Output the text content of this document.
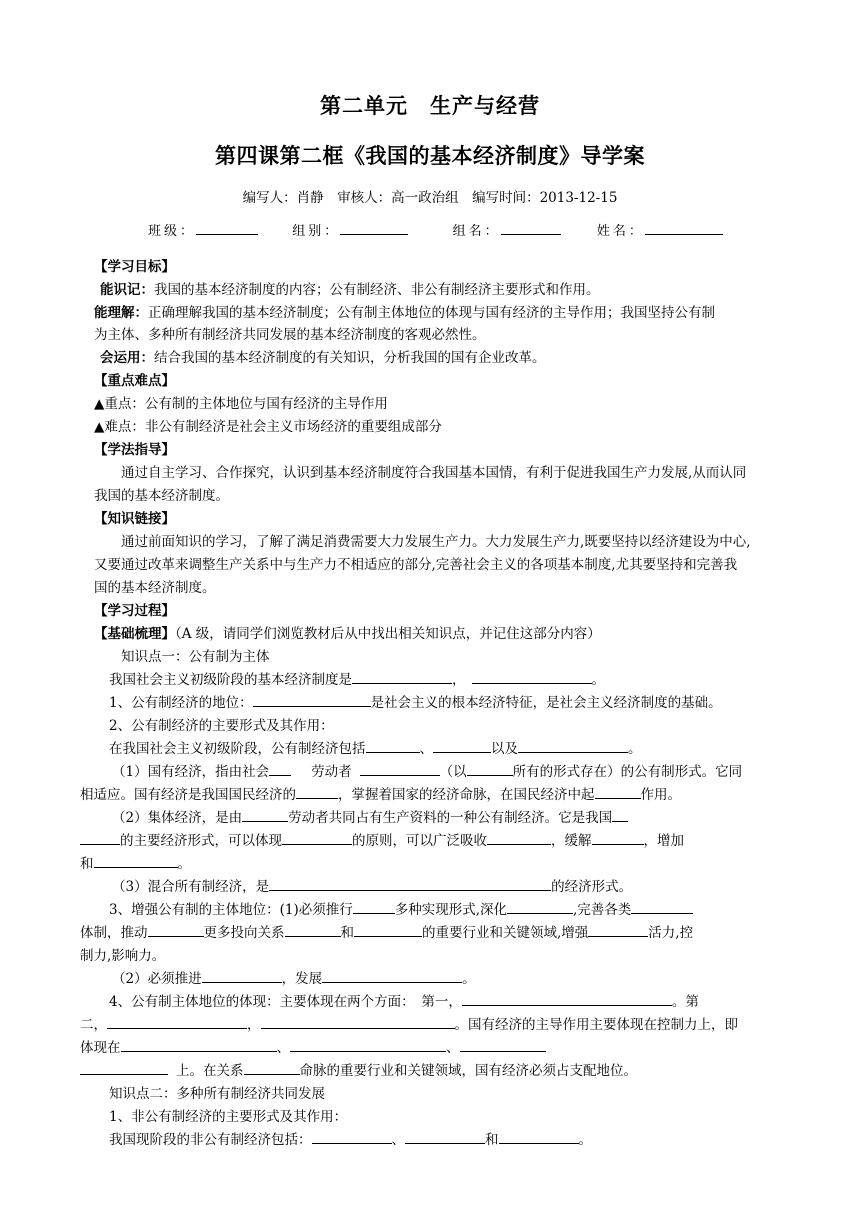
第二单元　生产与经营
第四课第二框《我国的基本经济制度》导学案
编写人：肖静　审核人：高一政治组　编写时间：2013-12-15
班级：	组别：	组名：	姓名：
【学习目标】
能识记：我国的基本经济制度的内容；公有制经济、非公有制经济主要形式和作用。
能理解：正确理解我国的基本经济制度；公有制主体地位的体现与国有经济的主导作用；我国坚持公有制
为主体、多种所有制经济共同发展的基本经济制度的客观必然性。
会运用：结合我国的基本经济制度的有关知识，分析我国的国有企业改革。
【重点难点】
▲重点：公有制的主体地位与国有经济的主导作用
▲难点：非公有制经济是社会主义市场经济的重要组成部分
【学法指导】
通过自主学习、合作探究，认识到基本经济制度符合我国基本国情，有利于促进我国生产力发展,从而认同
我国的基本经济制度。
【知识链接】
通过前面知识的学习，了解了满足消费需要大力发展生产力。大力发展生产力,既要坚持以经济建设为中心,
又要通过改革来调整生产关系中与生产力不相适应的部分,完善社会主义的各项基本制度,尤其要坚持和完善我
国的基本经济制度。
【学习过程】
【基础梳理】（A 级，请同学们浏览教材后从中找出相关知识点，并记住这部分内容）
知识点一：公有制为主体
我国社会主义初级阶段的基本经济制度是	，	。
1、公有制经济的地位：	是社会主义的根本经济特征，是社会主义经济制度的基础。
2、公有制经济的主要形式及其作用：
在我国社会主义初级阶段，公有制经济包括	、	以及	。
（1）国有经济，指由社会	劳动者	（以	所有的形式存在）的公有制形式。它同
相适应。国有经济是我国国民经济的	，掌握着国家的经济命脉，在国民经济中起	作用。
（2）集体经济，是由	劳动者共同占有生产资料的一种公有制经济。它是我国
的主要经济形式，可以体现	的原则，可以广泛吸收	，缓解	，增加
和	。
（3）混合所有制经济，是	的经济形式。
3、增强公有制的主体地位：(1)必须推行	多种实现形式,深化	,完善各类
体制，推动	更多投向关系	和	的重要行业和关键领域,增强	活力,控
制力,影响力。
（2）必须推进	，发展	。
4、公有制主体地位的体现：主要体现在两个方面：　第一，	。第
二，	，	。国有经济的主导作用主要体现在控制力上，即
体现在	、	、
上。在关系	命脉的重要行业和关键领域，国有经济必须占支配地位。
知识点二：多种所有制经济共同发展
1、非公有制经济的主要形式及其作用：
我国现阶段的非公有制经济包括：	、	和	。
